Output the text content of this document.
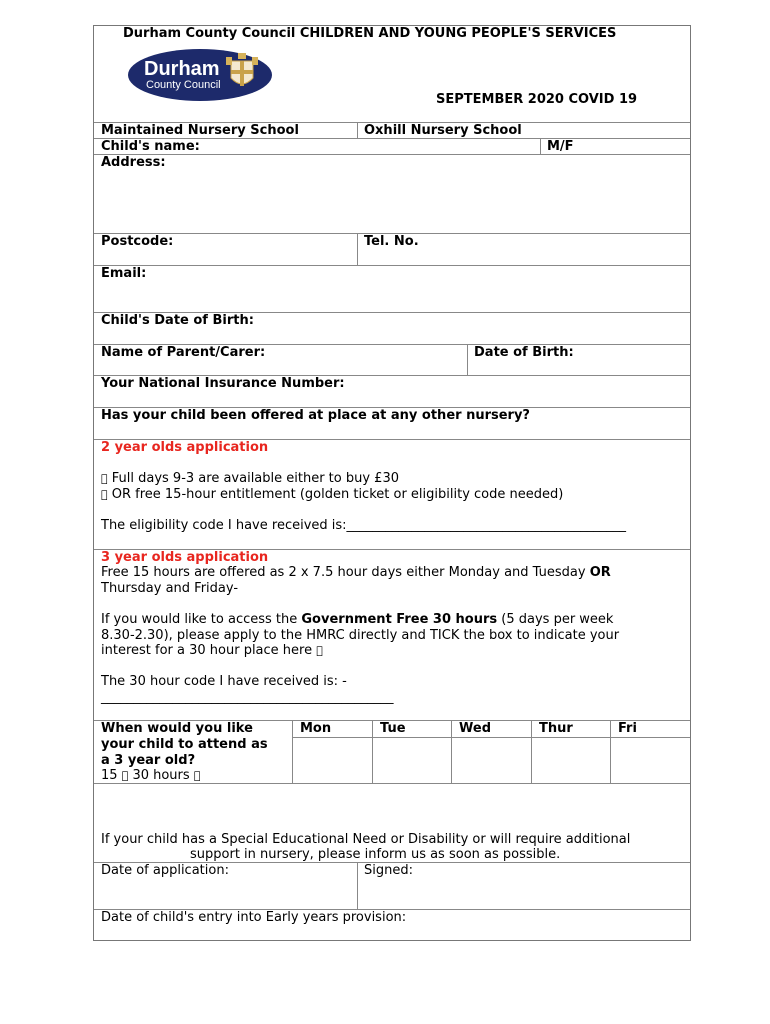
Durham County Council CHILDREN AND YOUNG PEOPLE'S SERVICES
Durham
County Council
SEPTEMBER 2020 COVID 19
Maintained Nursery School	Oxhill Nursery School
Child's name:	M/F
Address:
Postcode:	Tel. No.
Email:
Child's Date of Birth:
Name of Parent/Carer:	Date of Birth:
Your National Insurance Number:
Has your child been offered at place at any other nursery?
2 year olds application
Full days 9-3 are available either to buy £30
OR free 15-hour entitlement (golden ticket or eligibility code needed)
The eligibility code I have received is:___________________________________________
3 year olds application
Free 15 hours are offered as 2 x 7.5 hour days either Monday and Tuesday OR
Thursday and Friday-
If you would like to access the Government Free 30 hours (5 days per week
8.30-2.30), please apply to the HMRC directly and TICK the box to indicate your
interest for a 30 hour place here
The 30 hour code I have received is: -
_____________________________________________
When would you like
your child to attend as
a 3 year old?
15 30 hours
Mon	Tue	Wed	Thur	Fri
If your child has a Special Educational Need or Disability or will require additional
support in nursery, please inform us as soon as possible.
Date of application:	Signed:
Date of child's entry into Early years provision:
